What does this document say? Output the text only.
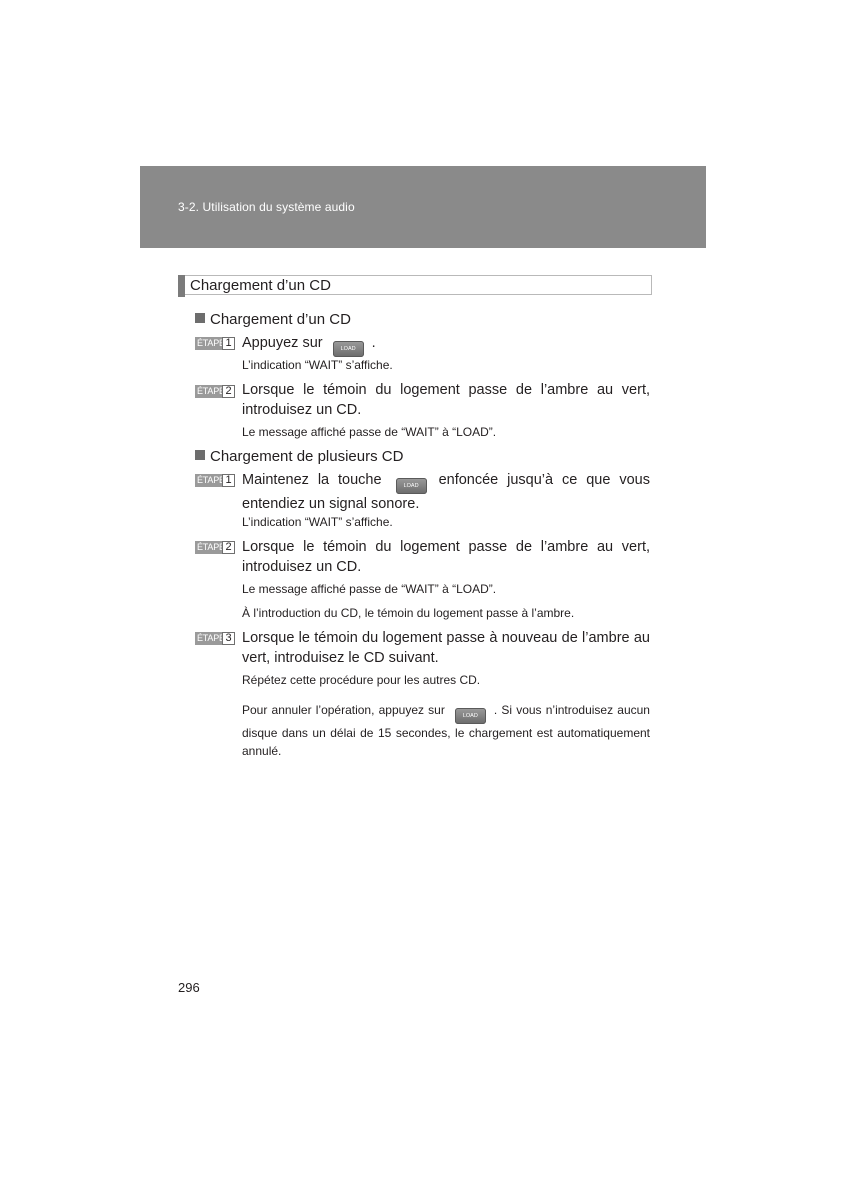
3-2. Utilisation du système audio
Chargement d’un CD
Chargement d’un CD
ÉTAPE 1 Appuyez sur	LOAD .
L’indication “WAIT” s’affiche.
ÉTAPE 2 Lorsque le témoin du logement passe de l’ambre au vert, introduisez un CD.
Le message affiché passe de “WAIT” à “LOAD”.
Chargement de plusieurs CD
ÉTAPE 1 Maintenez la touche	LOAD enfoncée jusqu’à ce que vous entendiez un signal sonore.
L’indication “WAIT” s’affiche.
ÉTAPE 2 Lorsque le témoin du logement passe de l’ambre au vert, introduisez un CD.
Le message affiché passe de “WAIT” à “LOAD”.
À l’introduction du CD, le témoin du logement passe à l’ambre.
ÉTAPE 3 Lorsque le témoin du logement passe à nouveau de l’ambre au vert, introduisez le CD suivant.
Répétez cette procédure pour les autres CD.
Pour annuler l’opération, appuyez sur	LOAD . Si vous n’introduisez aucun disque dans un délai de 15 secondes, le chargement est automatiquement annulé.
296
